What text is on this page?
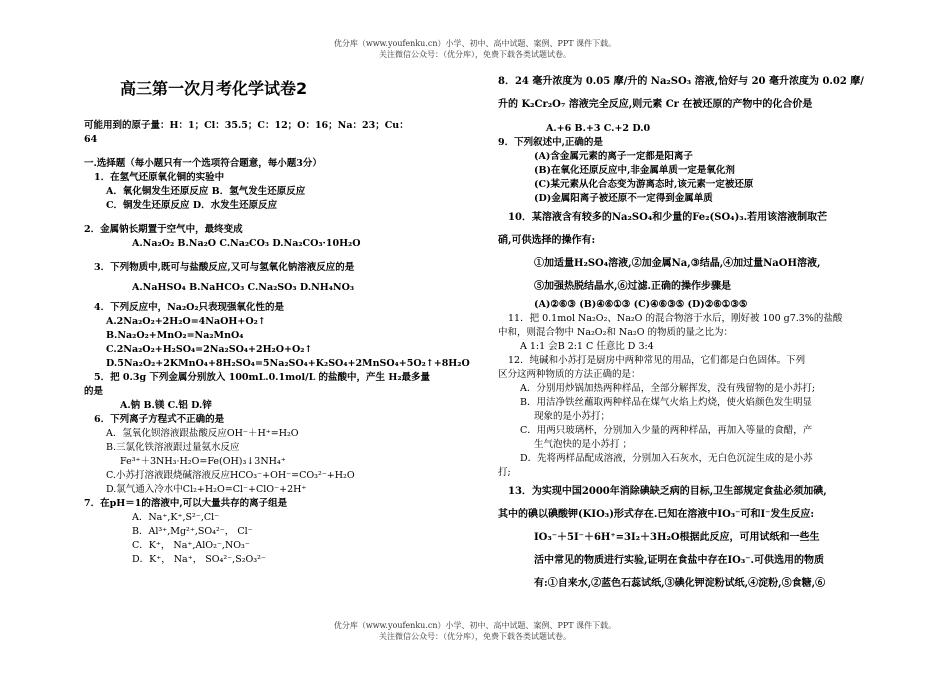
优分库（www.youfenku.cn）小学、初中、高中试题、案例、PPT 课件下载。
关注微信公众号：（优分库），免费下载各类试题试卷。
高三第一次月考化学试卷2
可能用到的原子量：H：1；Cl：35.5；C：12；O：16；Na：23；Cu：
64
一.选择题（每小题只有一个选项符合题意，每小题3分）
1．在氢气还原氧化铜的实验中
A．氧化铜发生还原反应 B．氢气发生还原反应
C．铜发生还原反应 D．水发生还原反应
2．金属钠长期置于空气中，最终变成
A.Na₂O₂ B.Na₂O C.Na₂CO₃ D.Na₂CO₃·10H₂O
3．下列物质中,既可与盐酸反应,又可与氢氧化钠溶液反应的是
A.NaHSO₄ B.NaHCO₃ C.Na₂SO₃ D.NH₄NO₃
4．下列反应中，Na₂O₂只表现强氧化性的是
A.2Na₂O₂+2H₂O=4NaOH+O₂↑
B.Na₂O₂+MnO₂=Na₂MnO₄
C.2Na₂O₂+H₂SO₄=2Na₂SO₄+2H₂O+O₂↑
D.5Na₂O₂+2KMnO₄+8H₂SO₄=5Na₂SO₄+K₂SO₄+2MnSO₄+5O₂↑+8H₂O
5．把 0.3g 下列金属分别放入 100mL.0.1mol/L 的盐酸中，产生 H₂最多量
的是
A.钠 B.镁 C.铝 D.锌
6．下列离子方程式不正确的是
A．氢氧化钡溶液跟盐酸反应OH⁻＋H⁺=H₂O
B.三氯化铁溶液跟过量氨水反应
Fe³⁺＋3NH₃·H₂O=Fe(OH)₃↓3NH₄⁺
C.小苏打溶液跟烧碱溶液反应HCO₃⁻+OH⁻=CO₃²⁻+H₂O
D.氯气通入冷水中Cl₂+H₂O=Cl⁻+ClO⁻+2H⁺
7．在pH＝1的溶液中,可以大量共存的离子组是
A．Na⁺,K⁺,S²⁻,Cl⁻
B．Al³⁺,Mg²⁺,SO₄²⁻， Cl⁻
C．K⁺， Na⁺,AlO₂⁻,NO₃⁻
D．K⁺， Na⁺， SO₄²⁻,S₂O₃²⁻
8．24 毫升浓度为 0.05 摩/升的 Na₂SO₃ 溶液,恰好与 20 毫升浓度为 0.02 摩/
升的 K₂Cr₂O₇ 溶液完全反应,则元素 Cr 在被还原的产物中的化合价是
A.+6 B.+3 C.+2 D.0
9．下列叙述中,正确的是
(A)含金属元素的离子一定都是阳离子
(B)在氧化还原反应中,非金属单质一定是氧化剂
(C)某元素从化合态变为游离态时,该元素一定被还原
(D)金属阳离子被还原不一定得到金属单质
10．某溶液含有较多的Na₂SO₄和少量的Fe₂(SO₄)₃.若用该溶液制取芒
硝,可供选择的操作有:
①加适量H₂SO₄溶液,②加金属Na,③结晶,④加过量NaOH溶液,
⑤加强热脱结晶水,⑥过滤.正确的操作步骤是
(A)②⑥③ (B)④⑥①③ (C)④⑥③⑤ (D)②⑥①③⑤
11．把 0.1mol Na₂O₂、Na₂O 的混合物溶于水后，刚好被 100 g7.3%的盐酸
中和，则混合物中 Na₂O₂和 Na₂O 的物质的量之比为：
A 1:1 会B 2:1 C 任意比 D 3:4
12．纯碱和小苏打是厨房中两种常见的用品，它们都是白色固体。下列
区分这两种物质的方法正确的是：
A．分别用炒锅加热两种样品，全部分解挥发，没有残留物的是小苏打;
B．用洁净铁丝蘸取两种样品在煤气火焰上灼烧，使火焰颜色发生明显
现象的是小苏打；
C．用两只玻璃杯，分别加入少量的两种样品，再加入等量的食醋，产
生气泡快的是小苏打 ；
D．先将两样品配成溶液，分别加入石灰水，无白色沉淀生成的是小苏
打;
13．为实现中国2000年消除碘缺乏病的目标,卫生部规定食盐必须加碘,
其中的碘以碘酸钾(KIO₃)形式存在.已知在溶液中IO₃⁻可和I⁻发生反应:
IO₃⁻＋5I⁻＋6H⁺=3I₂＋3H₂O根据此反应，可用试纸和一些生
活中常见的物质进行实验,证明在食盐中存在IO₃⁻.可供选用的物质
有:①自来水,②蓝色石蕊试纸,③碘化钾淀粉试纸,④淀粉,⑤食糖,⑥
优分库（www.youfenku.cn）小学、初中、高中试题、案例、PPT 课件下载。
关注微信公众号：（优分库），免费下载各类试题试卷。
